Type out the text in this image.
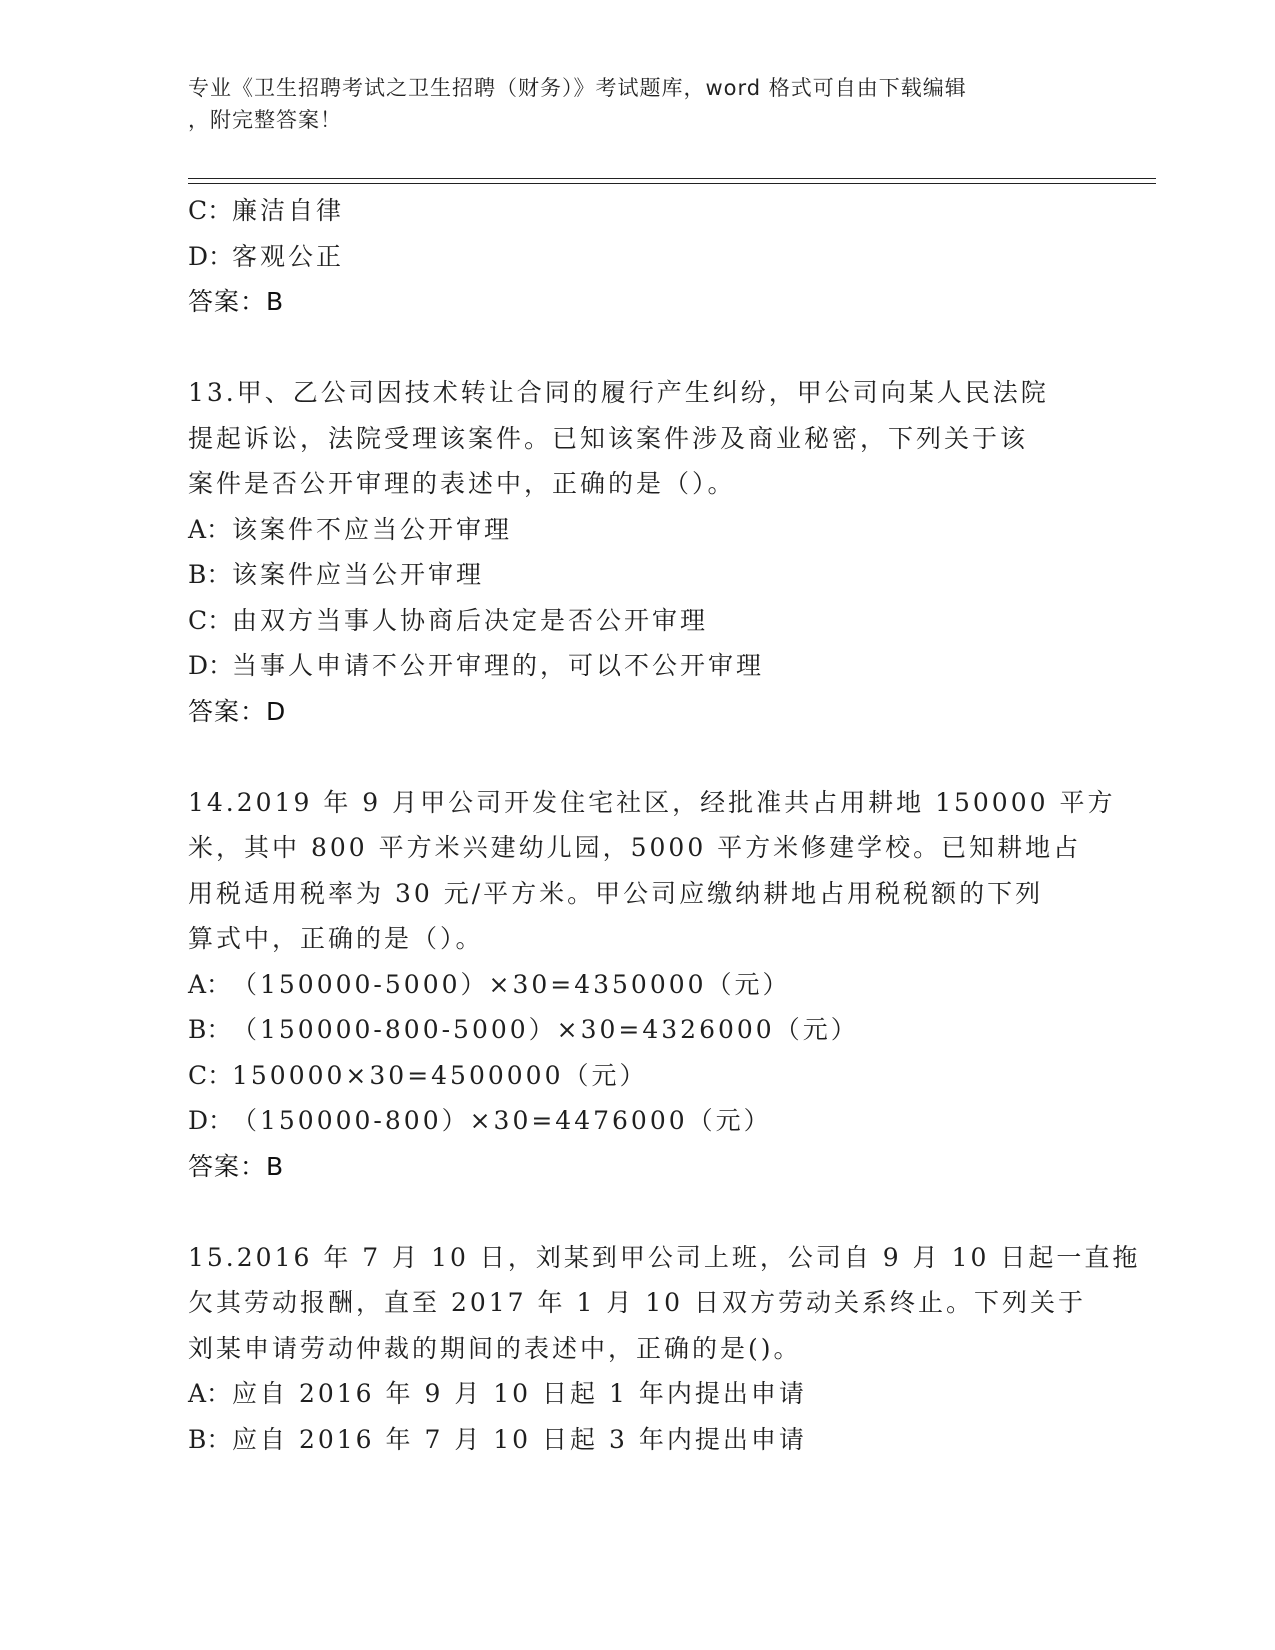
专业《卫生招聘考试之卫生招聘（财务）》考试题库，word 格式可自由下载编辑
，附完整答案！
C：廉洁自律
D：客观公正
答案：B
13.甲、乙公司因技术转让合同的履行产生纠纷，甲公司向某人民法院
提起诉讼，法院受理该案件。已知该案件涉及商业秘密，下列关于该
案件是否公开审理的表述中，正确的是（）。
A：该案件不应当公开审理
B：该案件应当公开审理
C：由双方当事人协商后决定是否公开审理
D：当事人申请不公开审理的，可以不公开审理
答案：D
14.2019 年 9 月甲公司开发住宅社区，经批准共占用耕地 150000 平方
米，其中 800 平方米兴建幼儿园，5000 平方米修建学校。已知耕地占
用税适用税率为 30 元/平方米。甲公司应缴纳耕地占用税税额的下列
算式中，正确的是（）。
A：（150000-5000）×30=4350000（元）
B：（150000-800-5000）×30=4326000（元）
C：150000×30=4500000（元）
D：（150000-800）×30=4476000（元）
答案：B
15.2016 年 7 月 10 日，刘某到甲公司上班，公司自 9 月 10 日起一直拖
欠其劳动报酬，直至 2017 年 1 月 10 日双方劳动关系终止。下列关于
刘某申请劳动仲裁的期间的表述中，正确的是()。
A：应自 2016 年 9 月 10 日起 1 年内提出申请
B：应自 2016 年 7 月 10 日起 3 年内提出申请
